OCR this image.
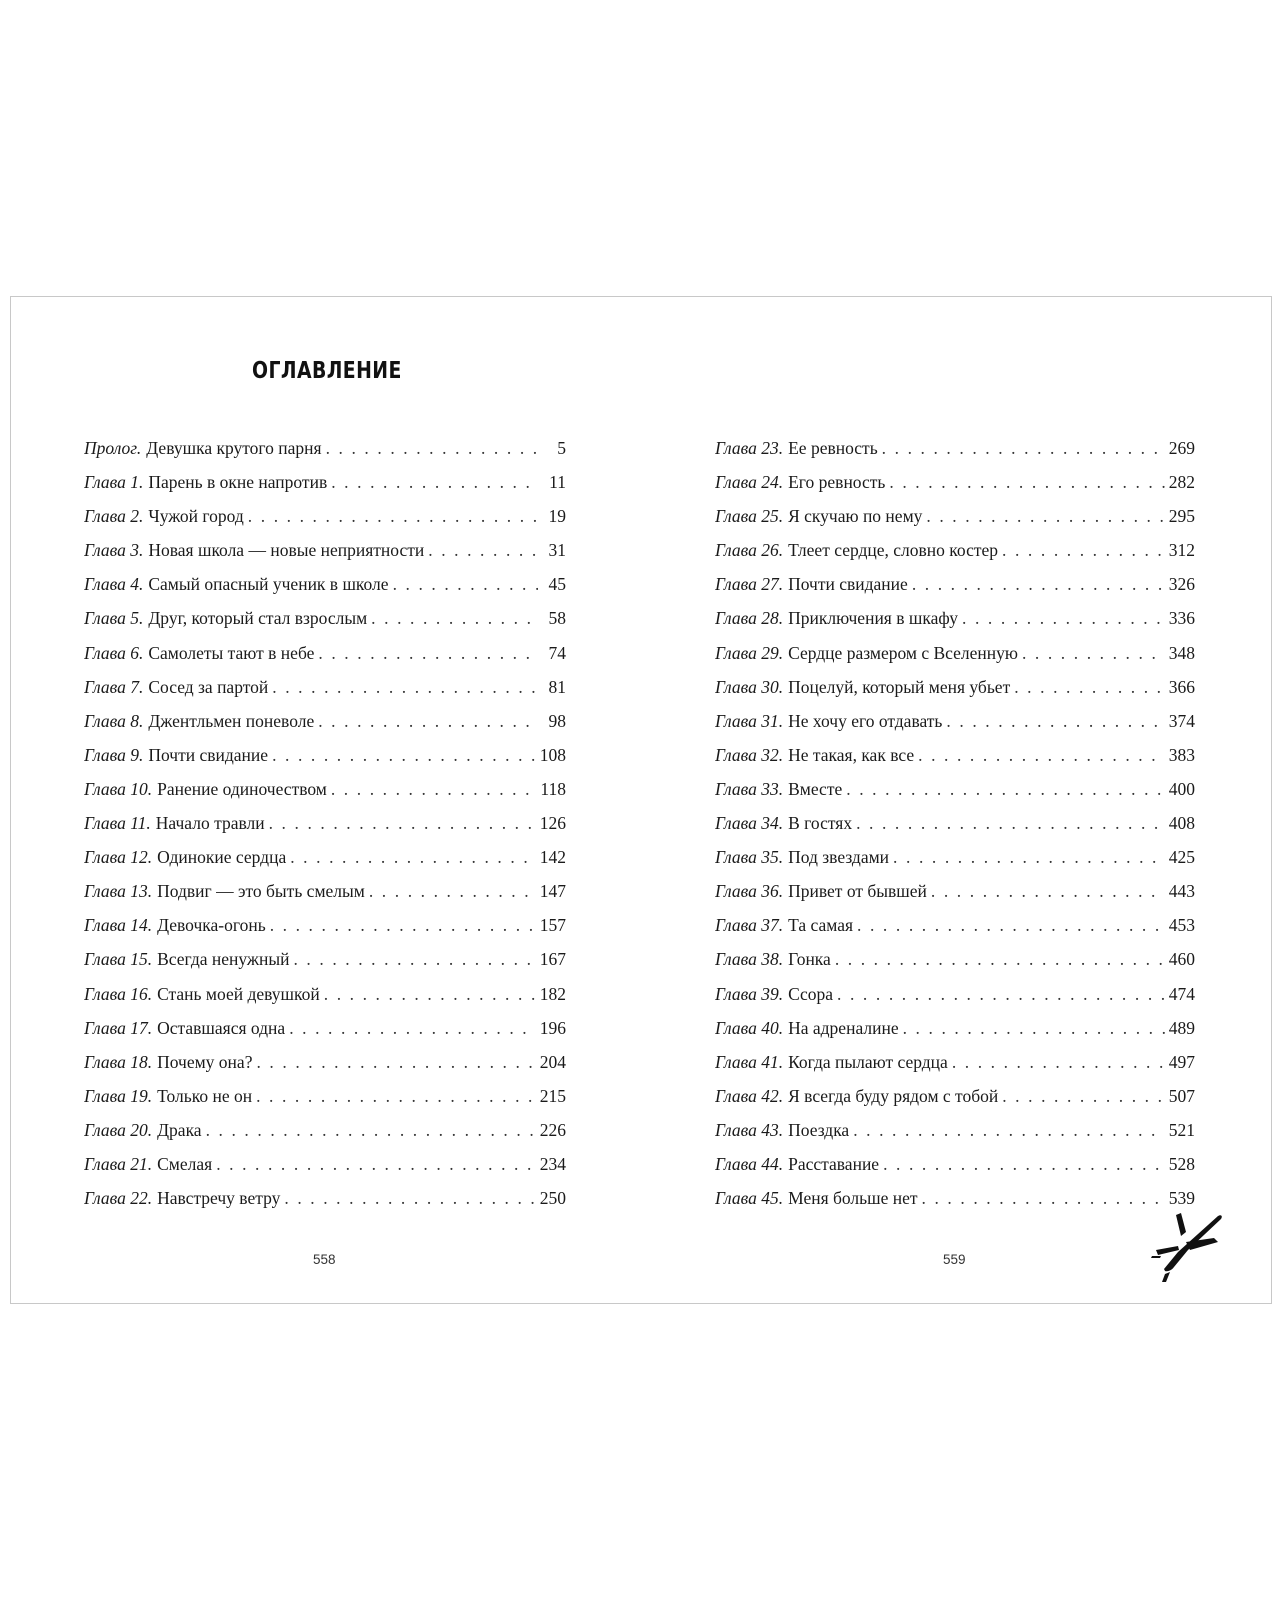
ОГЛАВЛЕНИЕ
Пролог. Девушка крутого парня . . .	5
Глава 1. Парень в окне напротив . . .	11
Глава 2. Чужой город . . .	19
Глава 3. Новая школа — новые неприятности . . .	31
Глава 4. Самый опасный ученик в школе . . .	45
Глава 5. Друг, который стал взрослым . . .	58
Глава 6. Самолеты тают в небе . . .	74
Глава 7. Сосед за партой . . .	81
Глава 8. Джентльмен поневоле . . .	98
Глава 9. Почти свидание . . .	108
Глава 10. Ранение одиночеством . . .	118
Глава 11. Начало травли . . .	126
Глава 12. Одинокие сердца . . .	142
Глава 13. Подвиг — это быть смелым . . .	147
Глава 14. Девочка-огонь . . .	157
Глава 15. Всегда ненужный . . .	167
Глава 16. Стань моей девушкой . . .	182
Глава 17. Оставшаяся одна . . .	196
Глава 18. Почему она? . . .	204
Глава 19. Только не он . . .	215
Глава 20. Драка . . .	226
Глава 21. Смелая . . .	234
Глава 22. Навстречу ветру . . .	250
Глава 23. Ее ревность . . .	269
Глава 24. Его ревность . . .	282
Глава 25. Я скучаю по нему . . .	295
Глава 26. Тлеет сердце, словно костер . . .	312
Глава 27. Почти свидание . . .	326
Глава 28. Приключения в шкафу . . .	336
Глава 29. Сердце размером с Вселенную . . .	348
Глава 30. Поцелуй, который меня убьет . . .	366
Глава 31. Не хочу его отдавать . . .	374
Глава 32. Не такая, как все . . .	383
Глава 33. Вместе . . .	400
Глава 34. В гостях . . .	408
Глава 35. Под звездами . . .	425
Глава 36. Привет от бывшей . . .	443
Глава 37. Та самая . . .	453
Глава 38. Гонка . . .	460
Глава 39. Ссора . . .	474
Глава 40. На адреналине . . .	489
Глава 41. Когда пылают сердца . . .	497
Глава 42. Я всегда буду рядом с тобой . . .	507
Глава 43. Поездка . . .	521
Глава 44. Расставание . . .	528
Глава 45. Меня больше нет . . .	539
558	559
